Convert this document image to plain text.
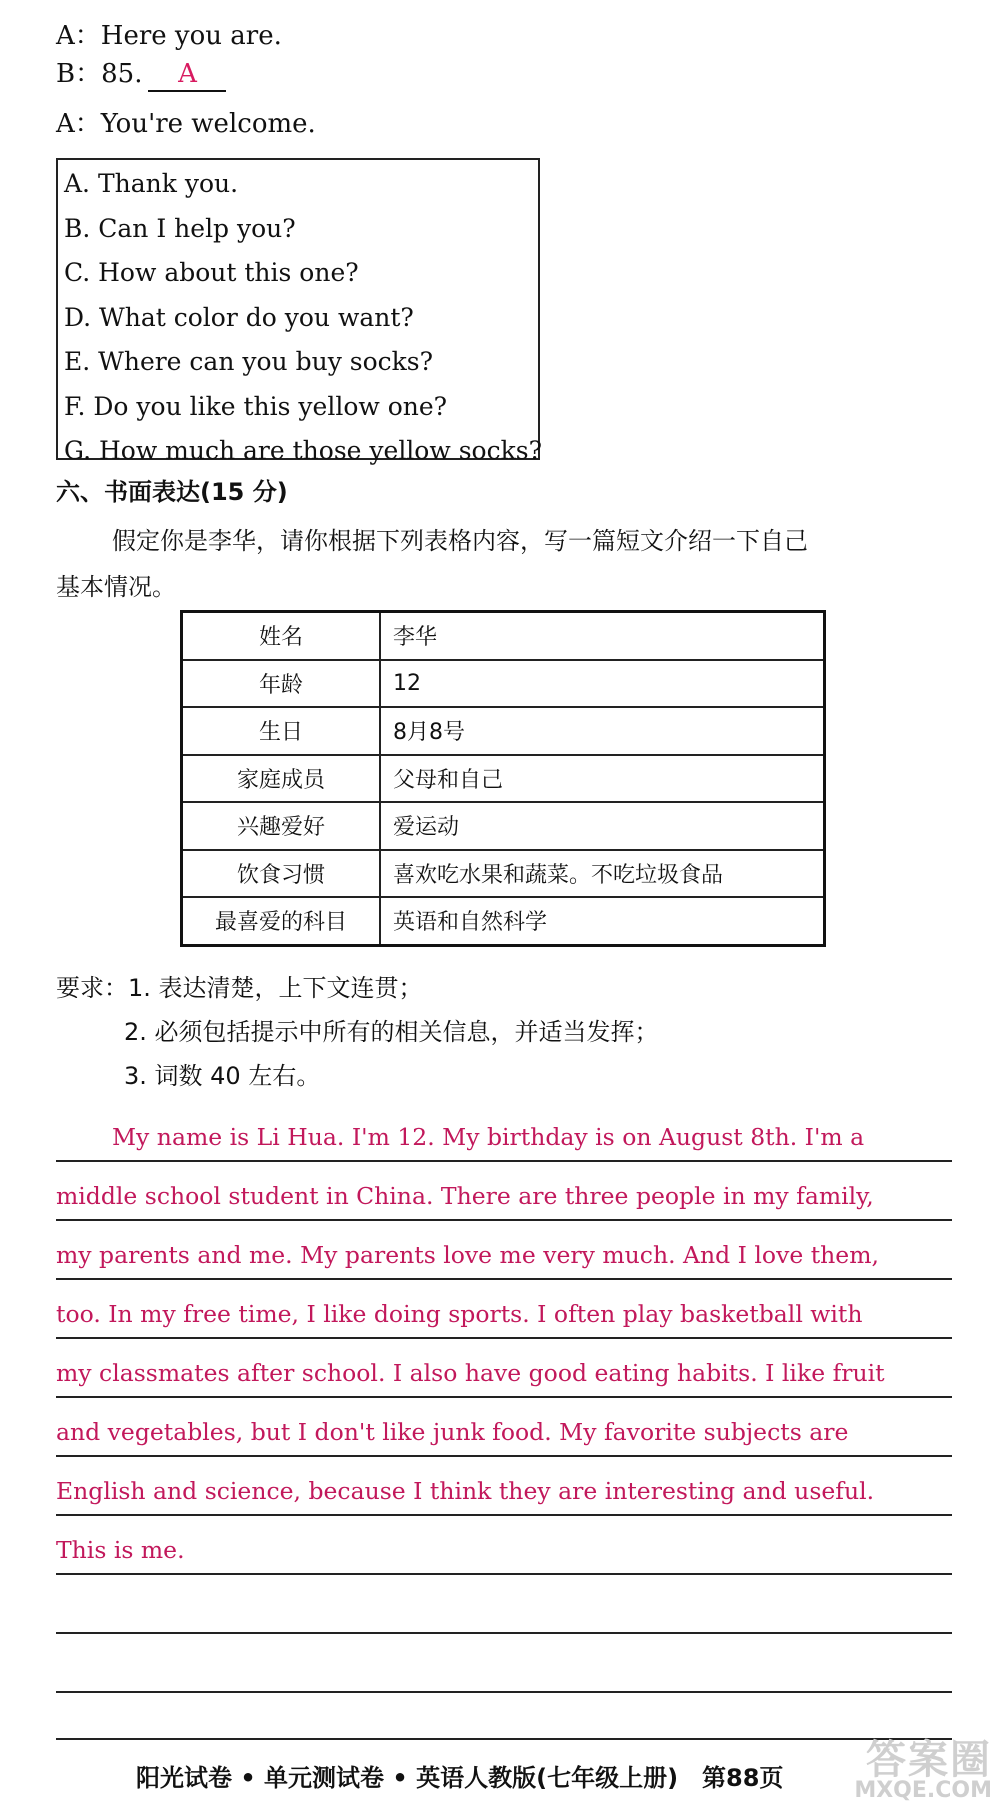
A：Here you are.
B：85. A
A：You're welcome.
A. Thank you.
B. Can I help you?
C. How about this one?
D. What color do you want?
E. Where can you buy socks?
F. Do you like this yellow one?
G. How much are those yellow socks?
六、书面表达(15 分)
假定你是李华，请你根据下列表格内容，写一篇短文介绍一下自己
基本情况。
姓名	李华
年龄	12
生日	8月8号
家庭成员	父母和自己
兴趣爱好	爱运动
饮食习惯	喜欢吃水果和蔬菜。不吃垃圾食品
最喜爱的科目	英语和自然科学
要求：1. 表达清楚，上下文连贯；
2. 必须包括提示中所有的相关信息，并适当发挥；
3. 词数 40 左右。
My name is Li Hua. I'm 12. My birthday is on August 8th. I'm a
middle school student in China. There are three people in my family,
my parents and me. My parents love me very much. And I love them,
too. In my free time, I like doing sports. I often play basketball with
my classmates after school. I also have good eating habits. I like fruit
and vegetables, but I don't like junk food. My favorite subjects are
English and science, because I think they are interesting and useful.
This is me.
阳光试卷 • 单元测试卷 • 英语人教版(七年级上册)　第88页 答案圈
MXQE.COM
